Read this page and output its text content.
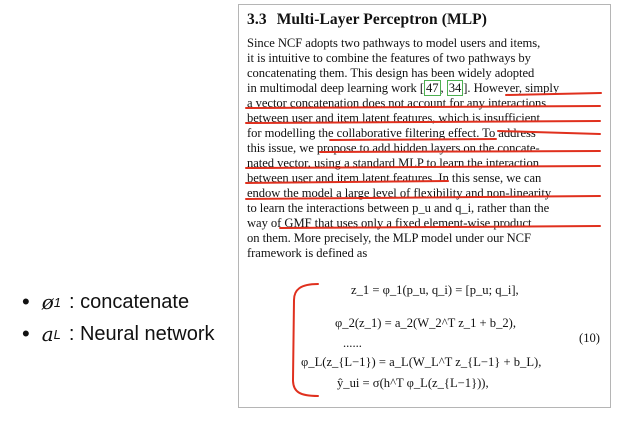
3.3 Multi-Layer Perceptron (MLP)
Since NCF adopts two pathways to model users and items,
it is intuitive to combine the features of two pathways by
concatenating them. This design has been widely adopted
in multimodal deep learning work [ 47 , 34 ]. However, simply
a vector concatenation does not account for any interactions
between user and item latent features, which is insufficient
for modelling the collaborative filtering effect. To address
this issue, we propose to add hidden layers on the concate-
nated vector, using a standard MLP to learn the interaction
between user and item latent features. In this sense, we can
endow the model a large level of flexibility and non-linearity
to learn the interactions between p_u and q_i, rather than the
way of GMF that uses only a fixed element-wise product
on them. More precisely, the MLP model under our NCF
framework is defined as
z_1 = φ_1(p_u, q_i) = [p_u; q_i],
φ_2(z_1) = a_2(W_2^T z_1 + b_2),
......
φ_L(z_{L−1}) = a_L(W_L^T z_{L−1} + b_L),
ŷ_ui = σ(h^T φ_L(z_{L−1})),
(10)
• ø 1 : concatenate
• a L : Neural network
